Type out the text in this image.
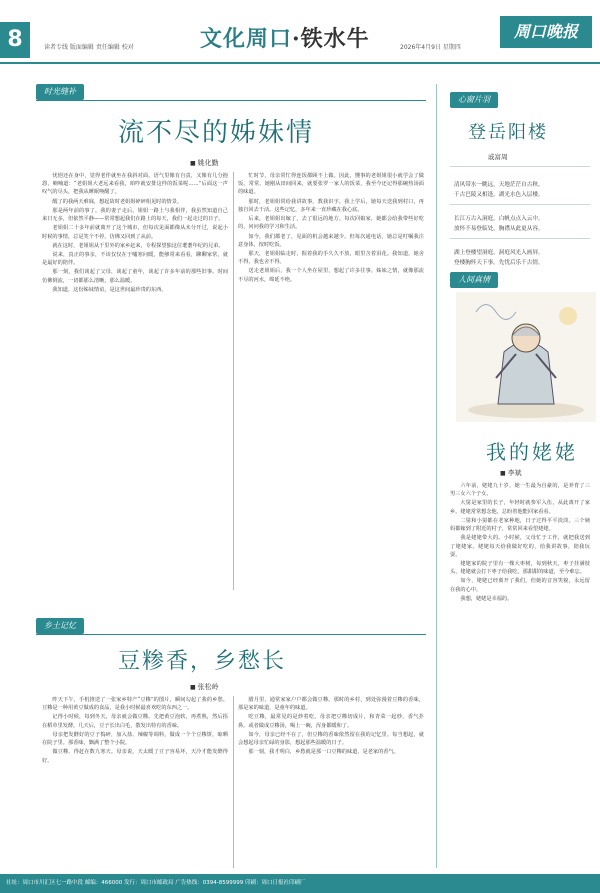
8	读者专线 版面编辑 责任编辑 校对	文化周口·铁水牛	2026年4月9日 星期四
周口晚报
时光缝补
流不尽的姊妹情
■ 姚化勤

忧悒还在身中，觉得老伴就坐在我斜对面，语气里像有自责，又像有几分抱怨，喃喃道：“老姐姐大老远来看我，咱咋就安排这样的饭菜呢……”后面这一声叹气的尽头，把我从睡眠唤醒了。

醒了的我两天难寐，想起故时老姐姐碎碎相见时的情景。

那是两年前的事了。我的妻子走后，姐姐一路上与我相伴，我虽然知道自己来日无多，但依然平静——常常想起我们在路上的每天，我们一起走过的日子。

老姐姐二十多年前就离开了这个城市，但每次见面都像从未分开过，说起小时候的事情，总是笑个不停，仿佛又回到了从前。

就在这时，老姐姐从千里外的家乡赶来，专程探望独这位耄耋年纪的兄弟。

说来，真正的事亲，不该仅仅在于嘘寒问暖，能够常来看看，聊聊家常，就是最好的陪伴。

那一刻，我们谈起了父母，谈起了童年，谈起了许多年前的那些旧事。时间仿佛倒流，一切都那么清晰，那么温暖。

我知道，这份姊妹情谊，是这世间最珍贵的东西。

忙时节，母亲常忙得连饭都顾不上做。因此，懂事的老姐姐很小就学会了做饭。常常，她刚从田间回来，就要张罗一家人的饭菜，我至今还记得那碗热汤面的味道。

那时，老姐姐常给我讲故事，教我识字。我上学后，她每天送我到村口，再独自回去干活。这些记忆，多年来一直珍藏在我心底。

后来，老姐姐出嫁了，去了很远的地方。每次回娘家，她都会给我带些好吃的，问问我的学习和生活。

如今，我们都老了，见面的机会越来越少。但每次通电话，她总是叮嘱我注意身体，按时吃饭。

那天，老姐姐临走时，握着我的手久久不放，眼里含着泪花。我知道，她舍不得，我也舍不得。

送走老姐姐后，我一个人坐在屋里，想起了许多往事。姊妹之情，就像那流不尽的河水，绵延不绝。

乡土记忆
豆糁香，乡愁长
■ 张松岭

昨天下午，手机推送了一张家乡特产“豆糁”的图片，瞬间勾起了我的乡愁。豆糁是一种用黄豆做成的食品，是我小时候最喜欢吃的东西之一。

记得小时候，每到冬天，母亲就会做豆糁。先把黄豆泡软，再煮熟，然后捂在稻草里发酵。几天后，豆子长出白毛，散发出特有的香味。

母亲把发酵好的豆子捣碎，加入盐、辣椒等调料，做成一个个豆糁饼，晾晒在院子里。那香味，飘满了整个小院。

做豆糁，得赶在数九寒天。母亲说，天太暖了豆子容易坏，天冷才能发酵得好。

腊月里，通常家家户户都会做豆糁。那时的乡村，到处弥漫着豆糁的香味，那是家的味道，是童年的味道。

吃豆糁，最常见的是炒着吃。母亲把豆糁切成片，和青菜一起炒，香气扑鼻。或者做成豆糁汤，喝上一碗，浑身都暖和了。

如今，母亲已经不在了，但豆糁的香味依然留在我的记忆里。每当想起，就会想起母亲忙碌的身影，想起那些温暖的日子。

那一刻，我才明白，乡愁就是那一口豆糁的味道，是老家的香气。

心窗片羽
登岳阳楼
戚富周
清风带水一眺远，天地茫茫自古秋。
千古巴陵又相逢，湖光水色入层楼。
长江万古入洞庭，白帆点点入云中。
放怀不易登临处，胸襟从此更从容。
湖上登楼望洞庭，洞庭风光入画屏。
登楼胸怀天下事，先忧后乐千古情。
人间真情
我的姥姥
■ 李斌

六年前，姥姥九十岁，她一生最为自豪的，是养育了三男三女六个子女。

大舅是家里的长子，年轻时就参军入伍，从此离开了家乡。姥姥常常想念他，总盼着他能回家看看。

二舅和小舅都在老家种地，日子过得平平淡淡。三个姨妈都嫁到了附近的村子，常常回来看望姥姥。

我是姥姥带大的。小时候，父母忙于工作，就把我送到了姥姥家。姥姥每天给我做好吃的，给我讲故事，陪我玩耍。

姥姥家的院子里有一棵大枣树，每到秋天，枣子挂满枝头，姥姥就会打下枣子给我吃。那甜甜的味道，至今难忘。

如今，姥姥已经离开了我们，但她的音容笑貌，永远留在我的心中。

我想，姥姥是幸福的。

社址：周口市川汇区七一路中段 邮编：466000 发行：周口市邮政局 广告热线：0394-8599999 印刷：周口日报社印刷厂
